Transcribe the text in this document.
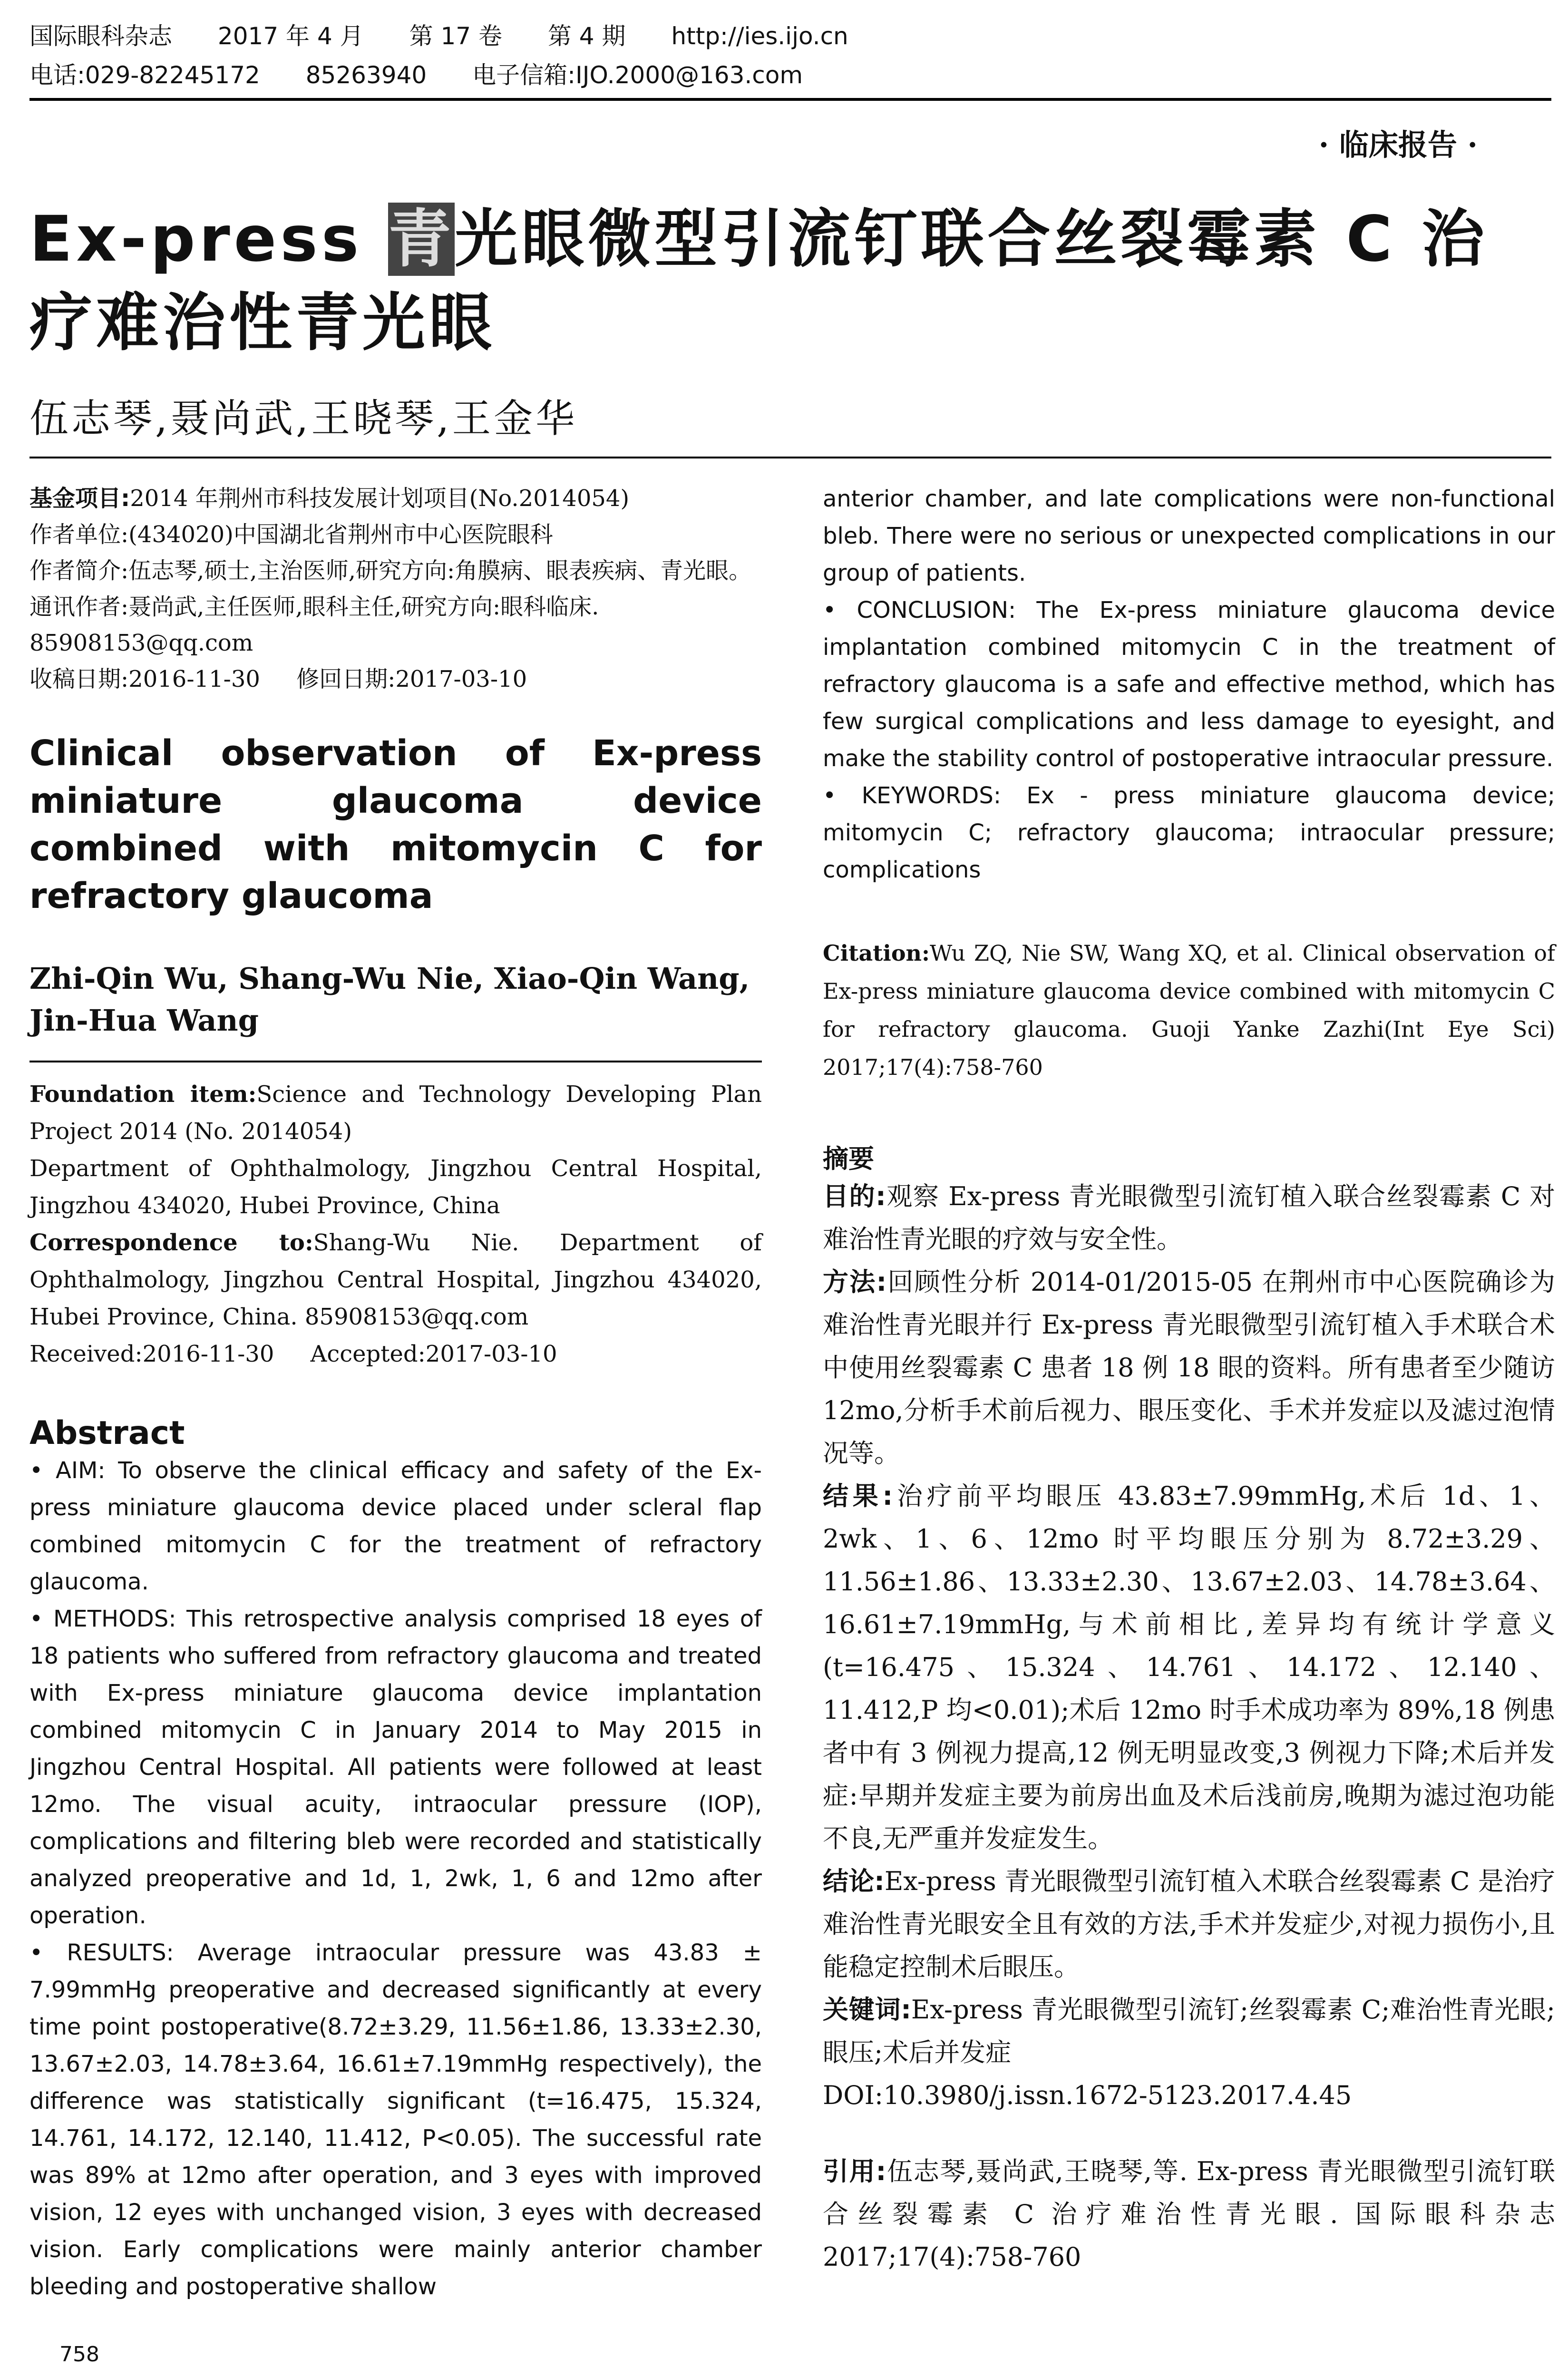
国际眼科杂志 2017 年 4 月 第 17 卷 第 4 期 http://ies.ijo.cn
电话:029-82245172 85263940 电子信箱:IJO.2000@163.com
· 临床报告 ·
Ex-press 青光眼微型引流钉联合丝裂霉素 C 治疗难治性青光眼
伍志琴,聂尚武,王晓琴,王金华

基金项目:2014 年荆州市科技发展计划项目(No.2014054)

作者单位:(434020)中国湖北省荆州市中心医院眼科

作者简介:伍志琴,硕士,主治医师,研究方向:角膜病、眼表疾病、青光眼。

通讯作者:聂尚武,主任医师,眼科主任,研究方向:眼科临床. 85908153@qq.com

收稿日期:2016-11-30     修回日期:2017-03-10

Clinical observation of Ex-press miniature glaucoma device combined with mitomycin C for refractory glaucoma
Zhi-Qin Wu, Shang-Wu Nie, Xiao-Qin Wang, Jin-Hua Wang

Foundation item:Science and Technology Developing Plan Project 2014 (No. 2014054)

Department of Ophthalmology, Jingzhou Central Hospital, Jingzhou 434020, Hubei Province, China

Correspondence to:Shang-Wu Nie. Department of Ophthalmology, Jingzhou Central Hospital, Jingzhou 434020, Hubei Province, China. 85908153@qq.com

Received:2016-11-30     Accepted:2017-03-10

Abstract

• AIM: To observe the clinical efficacy and safety of the Ex-press miniature glaucoma device placed under scleral flap combined mitomycin C for the treatment of refractory glaucoma.

• METHODS: This retrospective analysis comprised 18 eyes of 18 patients who suffered from refractory glaucoma and treated with Ex-press miniature glaucoma device implantation combined mitomycin C in January 2014 to May 2015 in Jingzhou Central Hospital. All patients were followed at least 12mo. The visual acuity, intraocular pressure (IOP), complications and filtering bleb were recorded and statistically analyzed preoperative and 1d, 1, 2wk, 1, 6 and 12mo after operation.

• RESULTS: Average intraocular pressure was 43.83 ± 7.99mmHg preoperative and decreased significantly at every time point postoperative(8.72±3.29, 11.56±1.86, 13.33±2.30, 13.67±2.03, 14.78±3.64, 16.61±7.19mmHg respectively), the difference was statistically significant (t=16.475, 15.324, 14.761, 14.172, 12.140, 11.412, P<0.05). The successful rate was 89% at 12mo after operation, and 3 eyes with improved vision, 12 eyes with unchanged vision, 3 eyes with decreased vision. Early complications were mainly anterior chamber bleeding and postoperative shallow

anterior chamber, and late complications were non-functional bleb. There were no serious or unexpected complications in our group of patients.

• CONCLUSION: The Ex-press miniature glaucoma device implantation combined mitomycin C in the treatment of refractory glaucoma is a safe and effective method, which has few surgical complications and less damage to eyesight, and make the stability control of postoperative intraocular pressure.

• KEYWORDS: Ex - press miniature glaucoma device; mitomycin C; refractory glaucoma; intraocular pressure; complications

Citation:Wu ZQ, Nie SW, Wang XQ, et al. Clinical observation of Ex-press miniature glaucoma device combined with mitomycin C for refractory glaucoma. Guoji Yanke Zazhi(Int Eye Sci) 2017;17(4):758-760

摘要

目的:观察 Ex-press 青光眼微型引流钉植入联合丝裂霉素 C 对难治性青光眼的疗效与安全性。

方法:回顾性分析 2014-01/2015-05 在荆州市中心医院确诊为难治性青光眼并行 Ex-press 青光眼微型引流钉植入手术联合术中使用丝裂霉素 C 患者 18 例 18 眼的资料。所有患者至少随访 12mo,分析手术前后视力、眼压变化、手术并发症以及滤过泡情况等。

结果:治疗前平均眼压 43.83±7.99mmHg,术后 1d、1、2wk、1、6、12mo 时平均眼压分别为 8.72±3.29、11.56±1.86、13.33±2.30、13.67±2.03、14.78±3.64、16.61±7.19mmHg,与术前相比,差异均有统计学意义(t=16.475、15.324、14.761、14.172、12.140、11.412,P 均<0.01);术后 12mo 时手术成功率为 89%,18 例患者中有 3 例视力提高,12 例无明显改变,3 例视力下降;术后并发症:早期并发症主要为前房出血及术后浅前房,晚期为滤过泡功能不良,无严重并发症发生。

结论:Ex-press 青光眼微型引流钉植入术联合丝裂霉素 C 是治疗难治性青光眼安全且有效的方法,手术并发症少,对视力损伤小,且能稳定控制术后眼压。

关键词:Ex-press 青光眼微型引流钉;丝裂霉素 C;难治性青光眼;眼压;术后并发症

DOI:10.3980/j.issn.1672-5123.2017.4.45

引用:伍志琴,聂尚武,王晓琴,等. Ex-press 青光眼微型引流钉联合丝裂霉素 C 治疗难治性青光眼. 国际眼科杂志 2017;17(4):758-760

758
